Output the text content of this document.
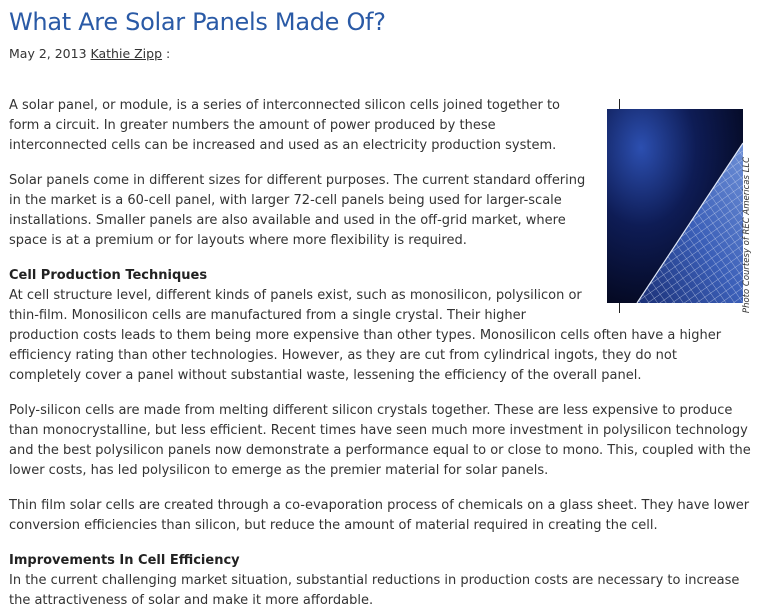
What Are Solar Panels Made Of?
May 2, 2013 Kathie Zipp :
Photo Courtesy of REC Americas LLC

A solar panel, or module, is a series of interconnected silicon cells joined together to form a circuit. In greater numbers the amount of power produced by these interconnected cells can be increased and used as an electricity production system.

Solar panels come in different sizes for different purposes. The current standard offering in the market is a 60-cell panel, with larger 72-cell panels being used for larger-scale installations. Smaller panels are also available and used in the off-grid market, where space is at a premium or for layouts where more flexibility is required.

Cell Production Techniques

At cell structure level, different kinds of panels exist, such as monosilicon, polysilicon or thin-film. Monosilicon cells are manufactured from a single crystal. Their higher production costs leads to them being more expensive than other types. Monosilicon cells often have a higher efficiency rating than other technologies. However, as they are cut from cylindrical ingots, they do not completely cover a panel without substantial waste, lessening the efficiency of the overall panel.

Poly-silicon cells are made from melting different silicon crystals together. These are less expensive to produce than monocrystalline, but less efficient. Recent times have seen much more investment in polysilicon technology and the best polysilicon panels now demonstrate a performance equal to or close to mono. This, coupled with the lower costs, has led polysilicon to emerge as the premier material for solar panels.

Thin film solar cells are created through a co-evaporation process of chemicals on a glass sheet. They have lower conversion efficiencies than silicon, but reduce the amount of material required in creating the cell.

Improvements In Cell Efficiency

In the current challenging market situation, substantial reductions in production costs are necessary to increase the attractiveness of solar and make it more affordable.
